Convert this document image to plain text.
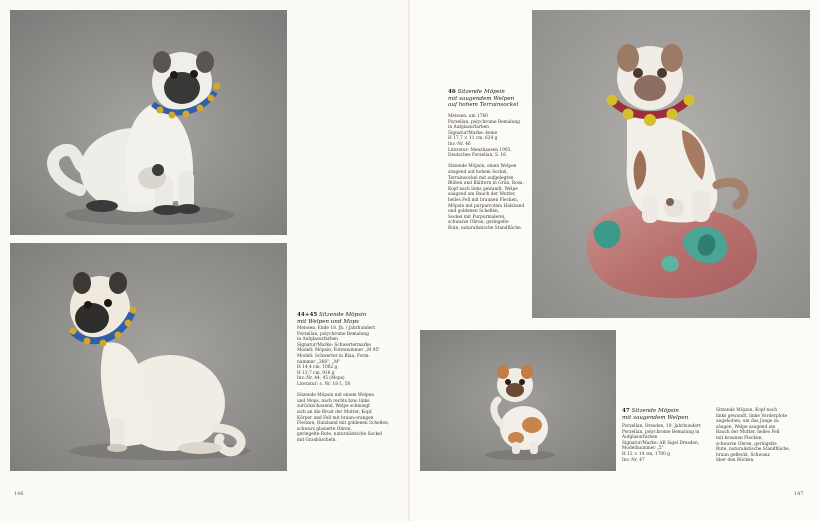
44+45 Sitzende Möpsin
mit Welpen und Mops
Meissen, Ende 18. Jh. / Jahrhundert
Porzellan, polychrome Bemalung
in Aufglasurfarben
Signatur/Marke: Schwertermarke
Modell: Möpsin, Formnummer „M 95"
Modell: Schwerter in Blau, Form-
nummer „366", „M"
H 14,4 cm, 1082 g
H 13,7 cm, 916 g
Inv.-Nr. 44, 45 (Mops)
Literatur: s. Nr. 18 f., 50

Sitzende Möpsin mit einem Welpen
und Mops, nach rechts bzw. links
zurückschauend, Welpe schmiegt
sich an die Brust der Mutter, Kopf,
Körper und Fell mit braun-orangen
Flecken, Halsband mit goldenen Schellen,
schwarz glasierte Ohren,
geringelte Rute, naturalistische Sockel
mit Grasbüscheln.
146
46 Sitzende Möpsin
mit saugendem Welpen
auf hohem Terrainsockel
Meissen, um 1760
Porzellan, polychrome Bemalung
in Aufglasurfarben
Signatur/Marke: keine
H 17,7 × 11 cm, 624 g
Inv.-Nr. 46
Literatur: Menzhausen 1993,
Deutsches Porzellan, S. 16

Sitzende Möpsin, einen Welpen
säugend auf hohem Sockel,
Terrainsockel mit aufgelegten
Blüten und Blättern in Grün, Rosa,
Kopf nach links gewandt, Welpe
saugend am Bauch der Mutter,
helles Fell mit braunen Flecken,
Möpsin mit purpurrotem Halsband
und goldenen Schellen,
Sockel mit Purpurmalerei,
schwarze Ohren, geringelte
Rute, naturalistische Standfläche.
47 Sitzende Möpsin
mit saugendem Welpen
Porzellan, Dresden, 19. Jahrhundert
Porzellan, polychrome Bemalung in
Aufglasurfarben
Signatur/Marke: AR Sigel Dresden,
Modellnummer „5"
H 12 × 14 cm, 1700 g
Inv.-Nr. 47
Sitzende Möpsin, Kopf nach
links gewandt, linke Vorderpfote
angehoben, um das Junge zu
säugen, Welpe saugend am
Bauch der Mutter, helles Fell
mit braunen Flecken,
schwarze Ohren, geringelte
Rute, naturalistische Standfläche,
braun gefleckt, Schwanz
über den Rücken.
147
